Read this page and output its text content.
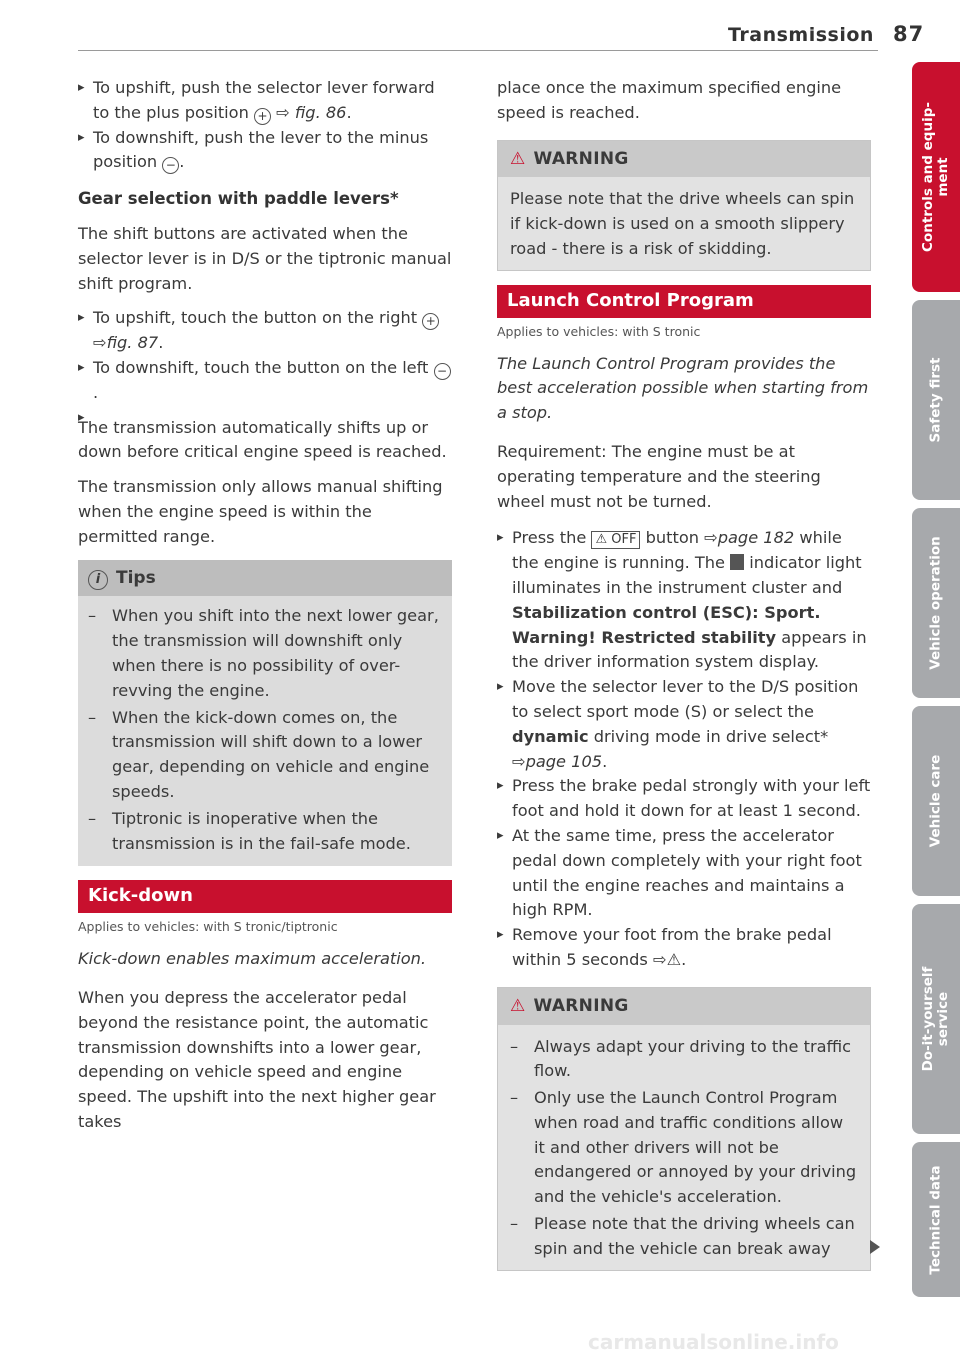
Transmission 87

▸ To upshift, push the selector lever forward to the plus position + ⇨ fig. 86.

▸ To downshift, push the lever to the minus position − .

Gear selection with paddle levers*

The shift buttons are activated when the selector lever is in D/S or the tiptronic manual shift program.

▸ To upshift, touch the button on the right + ⇨fig. 87.

▸ To downshift, touch the button on the left −.

The transmission automatically shifts up or down before critical engine speed is reached.

The transmission only allows manual shifting when the engine speed is within the permitted range.

i Tips

– When you shift into the next lower gear, the transmission will downshift only when there is no possibility of over-revving the engine.

– When the kick-down comes on, the transmission will shift down to a lower gear, depending on vehicle and engine speeds.

– Tiptronic is inoperative when the transmission is in the fail-safe mode.

Kick-down
Applies to vehicles: with S tronic/tiptronic

Kick-down enables maximum acceleration.

When you depress the accelerator pedal beyond the resistance point, the automatic transmission downshifts into a lower gear, depending on vehicle speed and engine speed. The upshift into the next higher gear takes

place once the maximum specified engine speed is reached.

⚠ WARNING

Please note that the drive wheels can spin if kick-down is used on a smooth slippery road - there is a risk of skidding.

Launch Control Program
Applies to vehicles: with S tronic

The Launch Control Program provides the best acceleration possible when starting from a stop.

Requirement: The engine must be at operating temperature and the steering wheel must not be turned.

▸ Press the ⚠ OFF button ⇨page 182 while the engine is running. The  indicator light illuminates in the instrument cluster and Stabilization control (ESC): Sport. Warning! Restricted stability appears in the driver information system display.

▸ Move the selector lever to the D/S position to select sport mode (S) or select the dynamic driving mode in drive select* ⇨page 105.

▸ Press the brake pedal strongly with your left foot and hold it down for at least 1 second.

▸ At the same time, press the accelerator pedal down completely with your right foot until the engine reaches and maintains a high RPM.

▸ Remove your foot from the brake pedal within 5 seconds ⇨⚠.

⚠ WARNING

– Always adapt your driving to the traffic flow.

– Only use the Launch Control Program when road and traffic conditions allow it and other drivers will not be endangered or annoyed by your driving and the vehicle's acceleration.

– Please note that the driving wheels can spin and the vehicle can break away

Controls and equip-
ment
Safety first
Vehicle operation
Vehicle care
Do-it-yourself
service
Technical data
carmanualsonline.info
